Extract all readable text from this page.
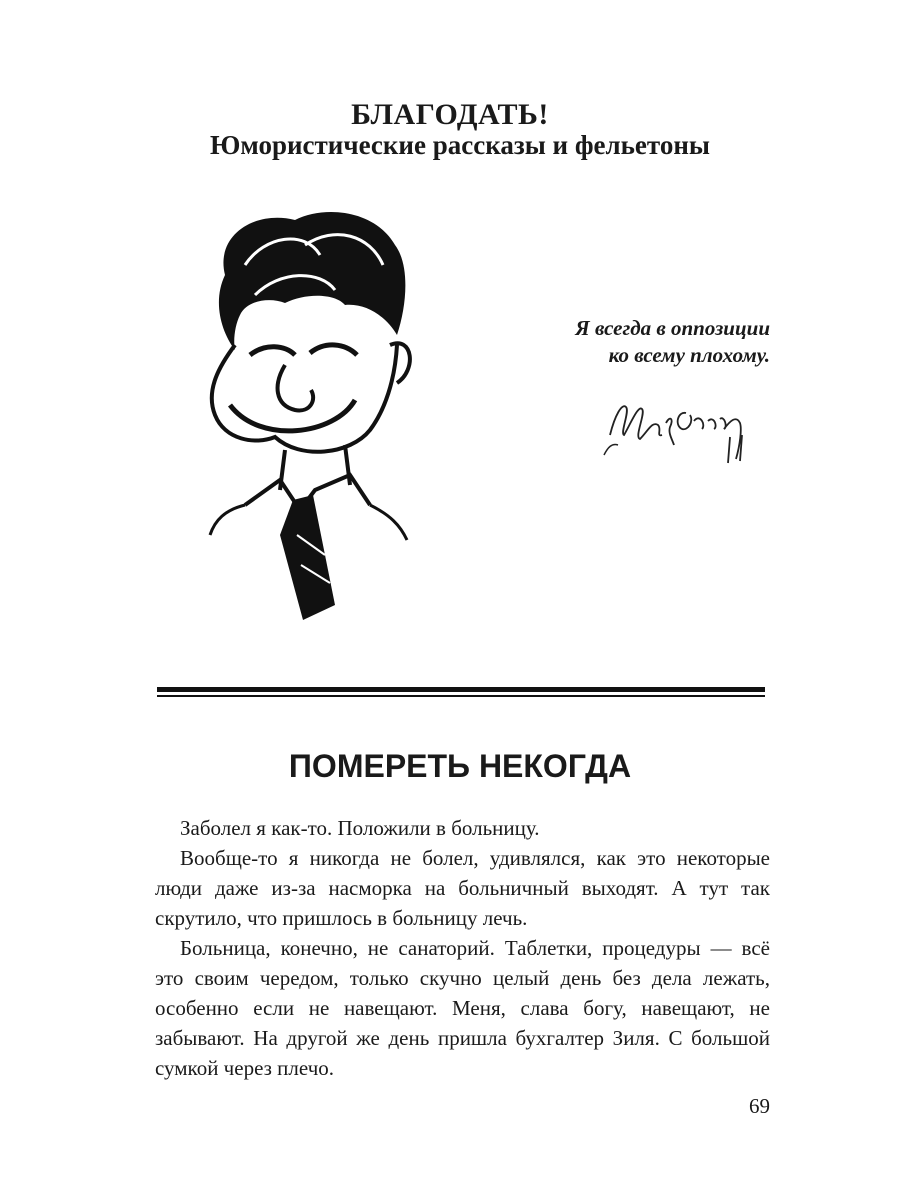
БЛАГОДАТЬ!
Юмористические рассказы и фельетоны
Я всегда в оппозиции
ко всему плохому.
ПОМЕРЕТЬ НЕКОГДА

Заболел я как-то. Положили в больницу.

Вообще-то я никогда не болел, удивлялся, как это некоторые люди даже из-за насморка на больничный выходят. А тут так скрутило, что пришлось в больницу лечь.

Больница, конечно, не санаторий. Таблетки, процедуры — всё это своим чередом, только скучно целый день без дела лежать, особенно если не навещают. Меня, слава богу, навещают, не забывают. На другой же день пришла бухгалтер Зиля. С большой сумкой через плечо.

69
